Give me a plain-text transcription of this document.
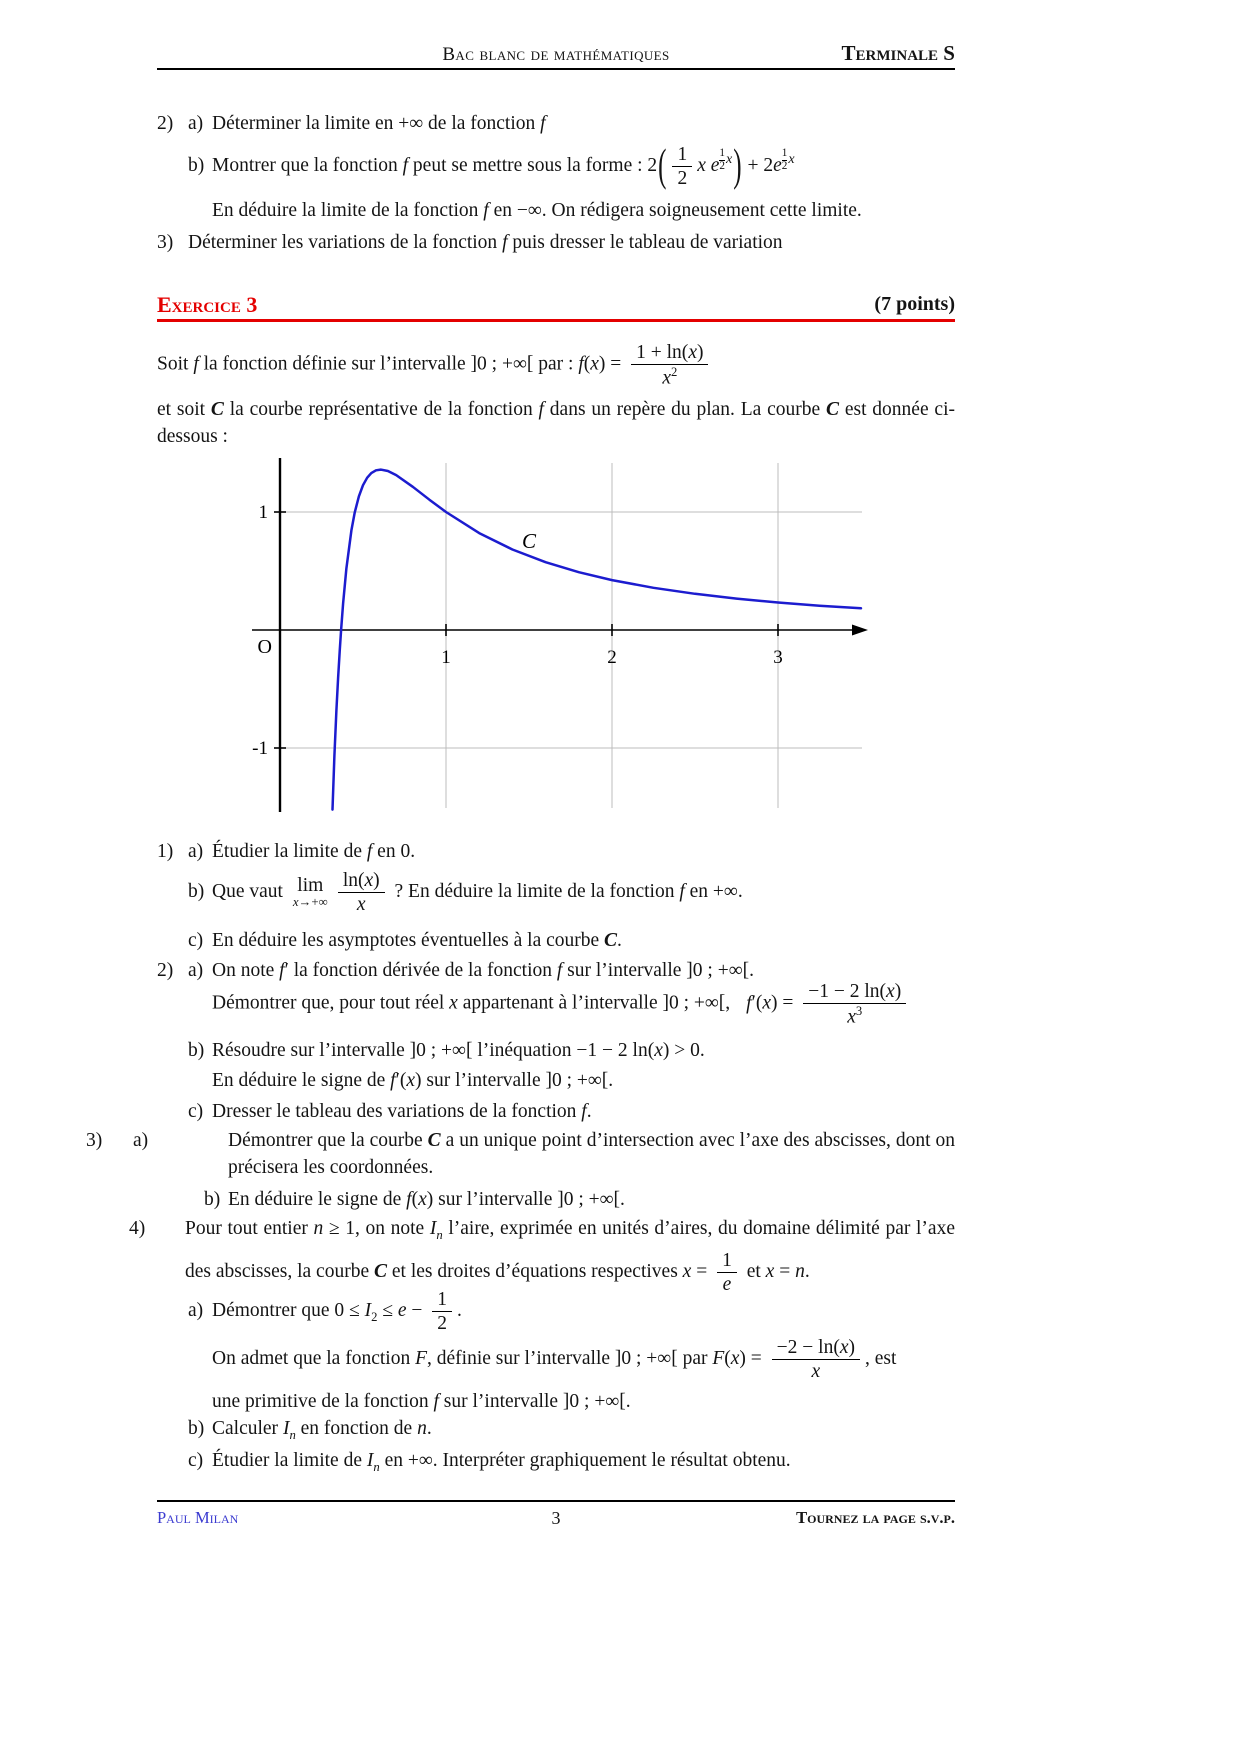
Bac blanc de mathématiques	Terminale S
2) a) Déterminer la limite en +∞ de la fonction f
b) Montrer que la fonction f peut se mettre sous la forme : $2( \frac{1}{2}$ x e $^{\frac{1}{2} x}$) + 2e $^{\frac{1}{2} x}$
En déduire la limite de la fonction f en −∞. On rédigera soigneusement cette limite.
3) Déterminer les variations de la fonction f puis dresser le tableau de variation
Exercice 3	(7 points)
Soit f la fonction définie sur l’intervalle ]0 ; +∞[ par : $f(x) = \frac{1 + \ln(x)}{x^2}$
et soit C la courbe représentative de la fonction f dans un repère du plan. La courbe C est donnée ci-dessous :
1	2	3
1
-1
O
C
1) a) Étudier la limite de f en 0.
b) Que vaut lim
$x\to+\infty \frac{\ln(x)}{x}$ ? En déduire la limite de la fonction f en +∞.
c) En déduire les asymptotes éventuelles à la courbe C.
2) a) On note f′ la fonction dérivée de la fonction f sur l’intervalle ]0 ; +∞[.
Démontrer que, pour tout réel x appartenant à l’intervalle ]0 ; +∞[, $f'(x) = \frac{-1 - 2 \ln(x)}{x^3}$
b) Résoudre sur l’intervalle ]0 ; +∞[ l’inéquation −1 − 2 ln(x) > 0.
En déduire le signe de f′(x) sur l’intervalle ]0 ; +∞[.
c) Dresser le tableau des variations de la fonction f.
3) a)	Démontrer que la courbe C a un unique point d’intersection avec l’axe des abscisses, dont on précisera les coordonnées.
b) En déduire le signe de f(x) sur l’intervalle ]0 ; +∞[.
4) Pour tout entier n ≥ 1, on note $I_n$ l’aire, exprimée en unités d’aires, du domaine délimité par l’axe des abscisses, la courbe C et les droites d’équations respectives $x = \frac{1}{e}$ et x = n.
a) Démontrer que $0 \le I_2 \le e - \frac{1}{2}$ .
On admet que la fonction F, définie sur l’intervalle ]0 ; +∞[ par $F(x) = \frac{-2 - \ln(x)}{x}$ , est
une primitive de la fonction f sur l’intervalle ]0 ; +∞[.
b) Calculer $I_n$ en fonction de n.
c) Étudier la limite de $I_n$ en +∞. Interpréter graphiquement le résultat obtenu.
Paul Milan	3	Tournez la page s.v.p.
